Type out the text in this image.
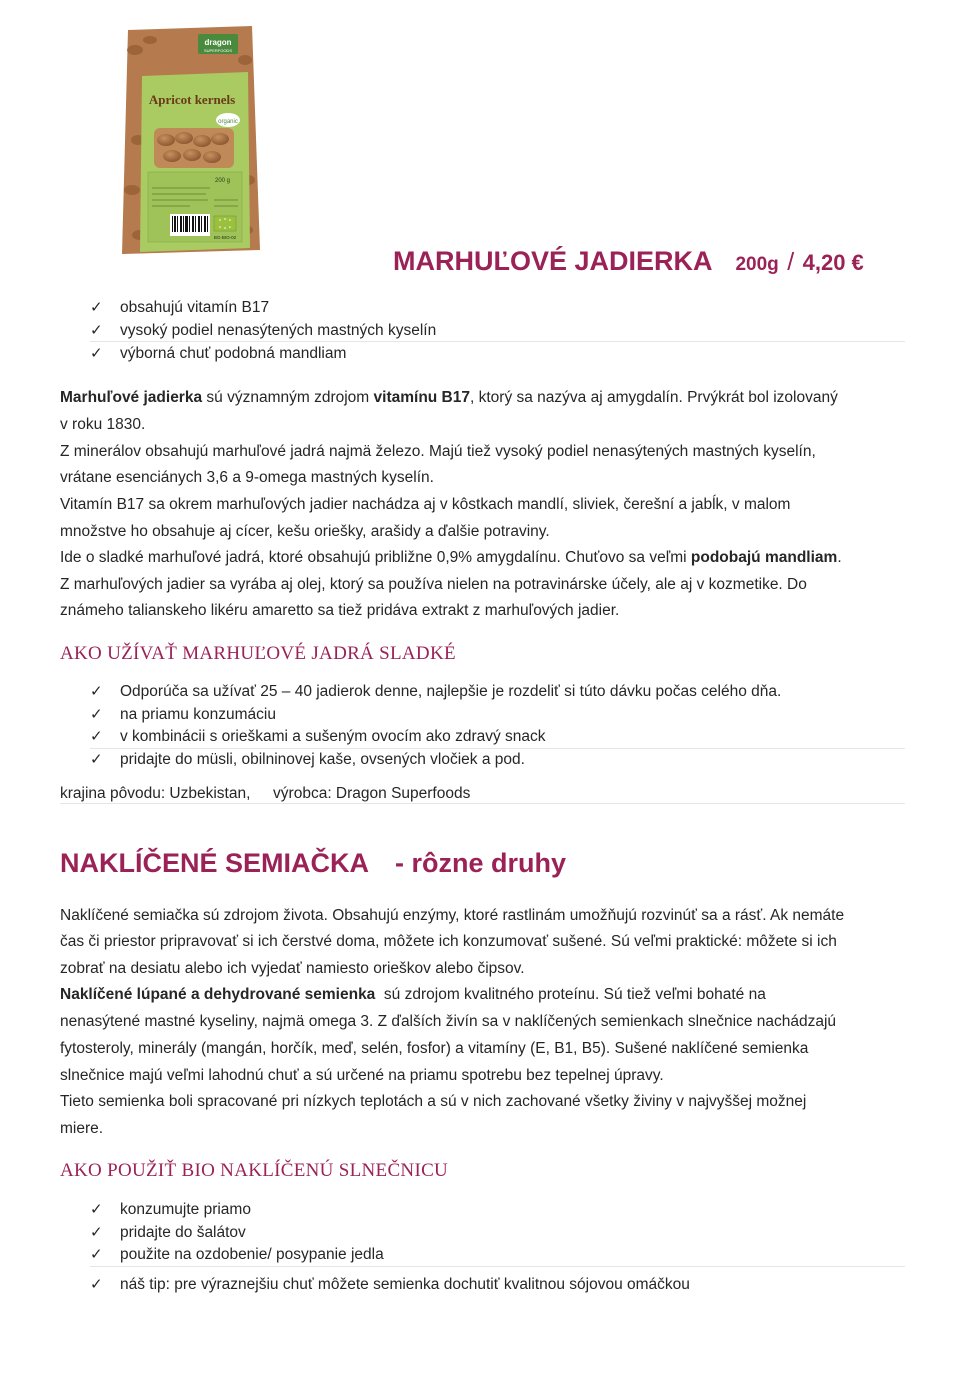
dragon
SUPERFOODS
Apricot kernels
organic
200 g
BG-BIO-02
MARHUĽOVÉ JADIERKA 200g / 4,20 €
✓ obsahujú vitamín B17
✓ vysoký podiel nenasýtených mastných kyselín
✓ výborná chuť podobná mandliam
Marhuľové jadierka sú významným zdrojom vitamínu B17, ktorý sa nazýva aj amygdalín. Prvýkrát bol izolovaný
v roku 1830.
Z minerálov obsahujú marhuľové jadrá najmä železo. Majú tiež vysoký podiel nenasýtených mastných kyselín,
vrátane esenciánych 3,6 a 9-omega mastných kyselín.
Vitamín B17 sa okrem marhuľových jadier nachádza aj v kôstkach mandlí, sliviek, čerešní a jabĺk, v malom
množstve ho obsahuje aj cícer, kešu oriešky, arašidy a ďalšie potraviny.
Ide o sladké marhuľové jadrá, ktoré obsahujú približne 0,9% amygdalínu. Chuťovo sa veľmi podobajú mandliam.
Z marhuľových jadier sa vyrába aj olej, ktorý sa používa nielen na potravinárske účely, ale aj v kozmetike. Do
známeho talianskeho likéru amaretto sa tiež pridáva extrakt z marhuľových jadier.
AKO UŽÍVAŤ MARHUĽOVÉ JADRÁ SLADKÉ
✓ Odporúča sa užívať 25 – 40 jadierok denne, najlepšie je rozdeliť si túto dávku počas celého dňa.
✓ na priamu konzumáciu
✓ v kombinácii s orieškami a sušeným ovocím ako zdravý snack
✓ pridajte do müsli, obilninovej kaše, ovsených vločiek a pod.
krajina pôvodu: Uzbekistan, výrobca: Dragon Superfoods
NAKLÍČENÉ SEMIAČKA - rôzne druhy
Naklíčené semiačka sú zdrojom života. Obsahujú enzýmy, ktoré rastlinám umožňujú rozvinúť sa a rásť. Ak nemáte
čas či priestor pripravovať si ich čerstvé doma, môžete ich konzumovať sušené. Sú veľmi praktické: môžete si ich
zobrať na desiatu alebo ich vyjedať namiesto orieškov alebo čipsov.
Naklíčené lúpané a dehydrované semienka  sú zdrojom kvalitného proteínu. Sú tiež veľmi bohaté na
nenasýtené mastné kyseliny, najmä omega 3. Z ďalších živín sa v naklíčených semienkach slnečnice nachádzajú
fytosteroly, minerály (mangán, horčík, meď, selén, fosfor) a vitamíny (E, B1, B5). Sušené naklíčené semienka
slnečnice majú veľmi lahodnú chuť a sú určené na priamu spotrebu bez tepelnej úpravy.
Tieto semienka boli spracované pri nízkych teplotách a sú v nich zachované všetky živiny v najvyššej možnej
miere.
AKO POUŽIŤ BIO NAKLÍČENÚ SLNEČNICU
✓ konzumujte priamo
✓ pridajte do šalátov
✓ použite na ozdobenie/ posypanie jedla
✓ náš tip: pre výraznejšiu chuť môžete semienka dochutiť kvalitnou sójovou omáčkou
